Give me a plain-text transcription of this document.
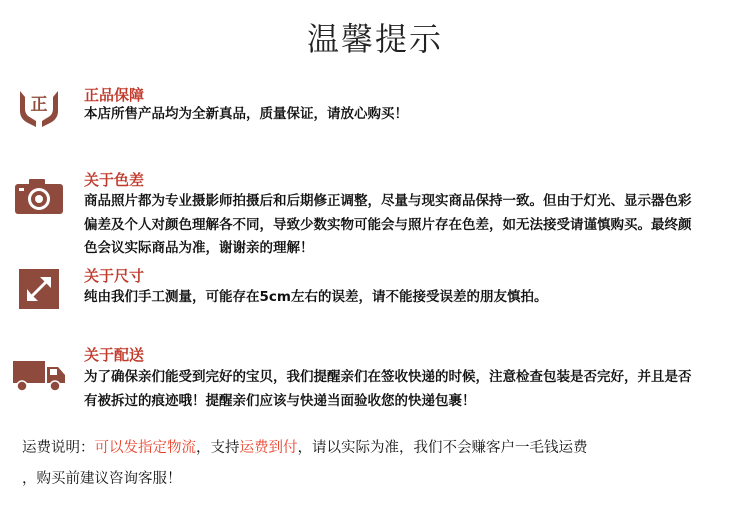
温馨提示
正 正品保障
本店所售产品均为全新真品，质量保证，请放心购买！
关于色差
商品照片都为专业摄影师拍摄后和后期修正调整，尽量与现实商品保持一致。但由于灯光、显示器色彩
偏差及个人对颜色理解各不同，导致少数实物可能会与照片存在色差，如无法接受请谨慎购买。最终颜
色会议实际商品为准，谢谢亲的理解！
关于尺寸
纯由我们手工测量，可能存在5cm左右的误差，请不能接受误差的朋友慎拍。
关于配送
为了确保亲们能受到完好的宝贝，我们提醒亲们在签收快递的时候，注意检查包装是否完好，并且是否
有被拆过的痕迹哦！提醒亲们应该与快递当面验收您的快递包裹！
运费说明：可以发指定物流，支持运费到付，请以实际为准，我们不会赚客户一毛钱运费
，购买前建议咨询客服！
